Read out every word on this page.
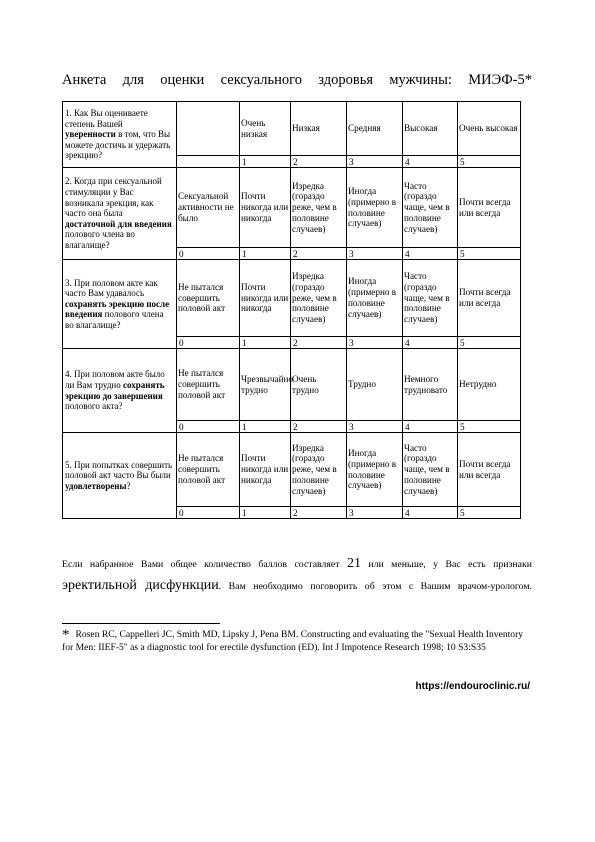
Анкета для оценки сексуального здоровья мужчины: МИЭФ-5*
1. Как Вы оцениваете степень Вашей уверенности в том, что Вы можете достичь и удержать эрекцию?		Очень низкая	Низкая	Средняя	Высокая	Очень высокая
		1	2	3	4	5
2. Когда при сексуальной стимуляции у Вас возникала эрекция, как часто она была достаточной для введения полового члена во влагалище?	Сексуальной активности не было	Почти никогда или никогда	Изредка (гораздо реже, чем в половине случаев)	Иногда (примерно в половине случаев)	Часто (гораздо чаще, чем в половине случаев)	Почти всегда или всегда
	0	1	2	3	4	5
3. При половом акте как часто Вам удавалось сохранять эрекцию после введения полового члена во влагалище?	Не пытался совершить половой акт	Почти никогда или никогда	Изредка (гораздо реже, чем в половине случаев)	Иногда (примерно в половине случаев)	Часто (гораздо чаще, чем в половине случаев)	Почти всегда или всегда
	0	1	2	3	4	5
4. При половом акте было ли Вам трудно сохранять эрекцию до завершения полового акта?	Не пытался совершить половой акт	Чрезвычайно трудно	Очень трудно	Трудно	Немного трудновато	Нетрудно
	0	1	2	3	4	5
5. При попытках совершить половой акт часто Вы были удовлетворены?	Не пытался совершить половой акт	Почти никогда или никогда	Изредка (гораздо реже, чем в половине случаев)	Иногда (примерно в половине случаев)	Часто (гораздо чаще, чем в половине случаев)	Почти всегда или всегда
	0	1	2	3	4	5
Если набранное Вами общее количество баллов составляет 21 или меньше, у Вас есть признаки
эректильной дисфункции. Вам необходимо поговорить об этом с Вашим врачом-урологом.
* Rosen RC, Cappelleri JC, Smith MD, Lipsky J, Pena BM. Constructing and evaluating the "Sexual Health Inventory for Men: IIEF-5" as a diagnostic tool for erectile dysfunction (ED). Int J Impotence Research 1998; 10 S3:S35
https://endouroclinic.ru/
